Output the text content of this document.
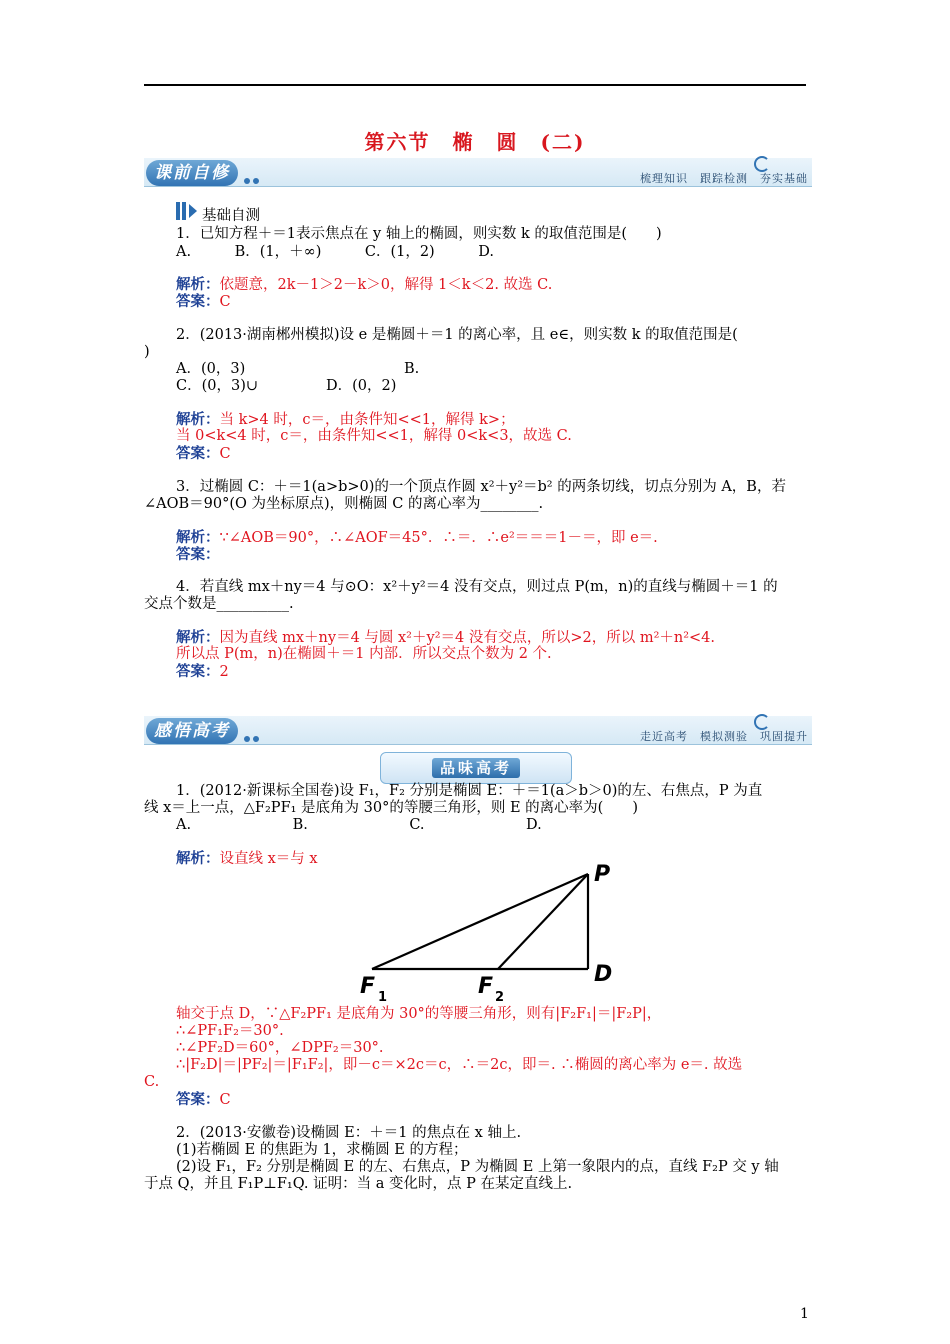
第六节　椭　圆　(二)
课前自修	梳理知识　跟踪检测　夯实基础
基础自测
1．已知方程＋＝1表示焦点在 y 轴上的椭圆，则实数 k 的取值范围是(　　)
A.　　　B．(1，＋∞)　　　C．(1，2)　　　D.
解析：依题意，2k－1＞2－k＞0，解得 1＜k＜2. 故选 C.
答案：C
2．(2013·湖南郴州模拟)设 e 是椭圆＋＝1 的离心率，且 e∈，则实数 k 的取值范围是(
)
A．(0，3)	B.
C．(0，3)∪	D．(0，2)
解析：当 k>4 时，c＝，由条件知<<1，解得 k>；
当 0<k<4 时，c＝，由条件知<<1，解得 0<k<3，故选 C.
答案：C
3．过椭圆 C：＋＝1(a>b>0)的一个顶点作圆 x²＋y²＝b² 的两条切线，切点分别为 A，B，若
∠AOB＝90°(O 为坐标原点)，则椭圆 C 的离心率为________.
解析：∵∠AOB＝90°，∴∠AOF＝45°．∴＝．∴e²＝＝＝1－＝，即 e＝.
答案：
4．若直线 mx＋ny＝4 与⊙O：x²＋y²＝4 没有交点，则过点 P(m，n)的直线与椭圆＋＝1 的
交点个数是__________.
解析：因为直线 mx＋ny＝4 与圆 x²＋y²＝4 没有交点，所以>2，所以 m²＋n²<4.
所以点 P(m，n)在椭圆＋＝1 内部．所以交点个数为 2 个.
答案：2
感悟高考	走近高考　模拟测验　巩固提升
品味高考
1．(2012·新课标全国卷)设 F₁，F₂ 分别是椭圆 E：＋＝1(a＞b＞0)的左、右焦点，P 为直
线 x＝上一点，△F₂PF₁ 是底角为 30°的等腰三角形，则 E 的离心率为(　　)
A.　　　　　　　B.　　　　　　　C.　　　　　　　D.
解析：设直线 x＝与 x
P
D
F 1	F 2
轴交于点 D，∵△F₂PF₁ 是底角为 30°的等腰三角形，则有|F₂F₁|＝|F₂P|，
∴∠PF₁F₂＝30°.
∴∠PF₂D＝60°，∠DPF₂＝30°.
∴|F₂D|＝|PF₂|＝|F₁F₂|，即－c＝×2c＝c，∴＝2c，即＝. ∴椭圆的离心率为 e＝. 故选
C.
答案：C
2．(2013·安徽卷)设椭圆 E：＋＝1 的焦点在 x 轴上.
(1)若椭圆 E 的焦距为 1，求椭圆 E 的方程；
(2)设 F₁，F₂ 分别是椭圆 E 的左、右焦点，P 为椭圆 E 上第一象限内的点，直线 F₂P 交 y 轴
于点 Q，并且 F₁P⊥F₁Q. 证明：当 a 变化时，点 P 在某定直线上.
1
